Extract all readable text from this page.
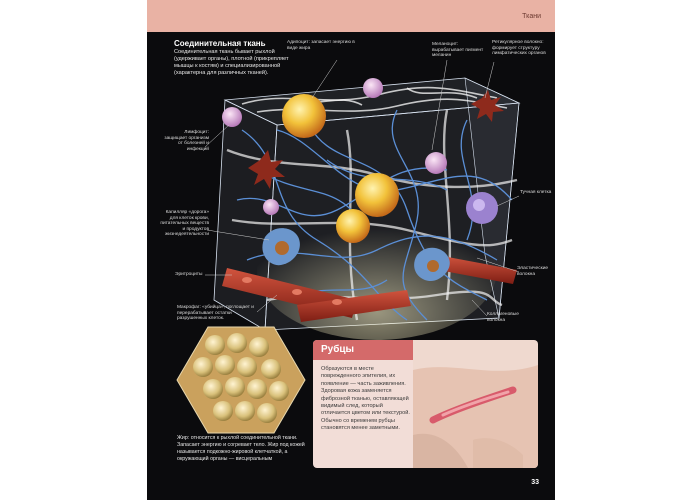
Ткани
Соединительная ткань
Соединительная ткань бывает рыхлой (удерживает органы), плотной (прикрепляет мышцы к костям) и специализированной (характерна для различных тканей).
Адипоцит: запасает энергию в виде жира
Меланоцит: вырабатывает пигмент меланин
Ретикулярное волокно: формирует структуру лимфатических органов
Лимфоцит: защищает организм от болезней и инфекций
Тучная клетка
Капилляр «дорога» для клеток крови, питательных веществ и продуктов жизнедеятельности
Эластические волокна
Эритроциты
Макрофаг: «убийца», поглощает и перерабатывает остатки разрушенных клеток.
Коллагеновые волокна
Жир: относится к рыхлой соединительной ткани. Запасает энергию и согревает тело. Жир под кожей называется подкожно-жировой клетчаткой, а окружающий органы — висцеральным
Рубцы
Образуются в месте поврежденного эпителия, их появление — часть заживления. Здоровая кожа заменяется фиброзной тканью, оставляющей видимый след, который отличается цветом или текстурой. Обычно со временем рубцы становятся менее заметными.
33
